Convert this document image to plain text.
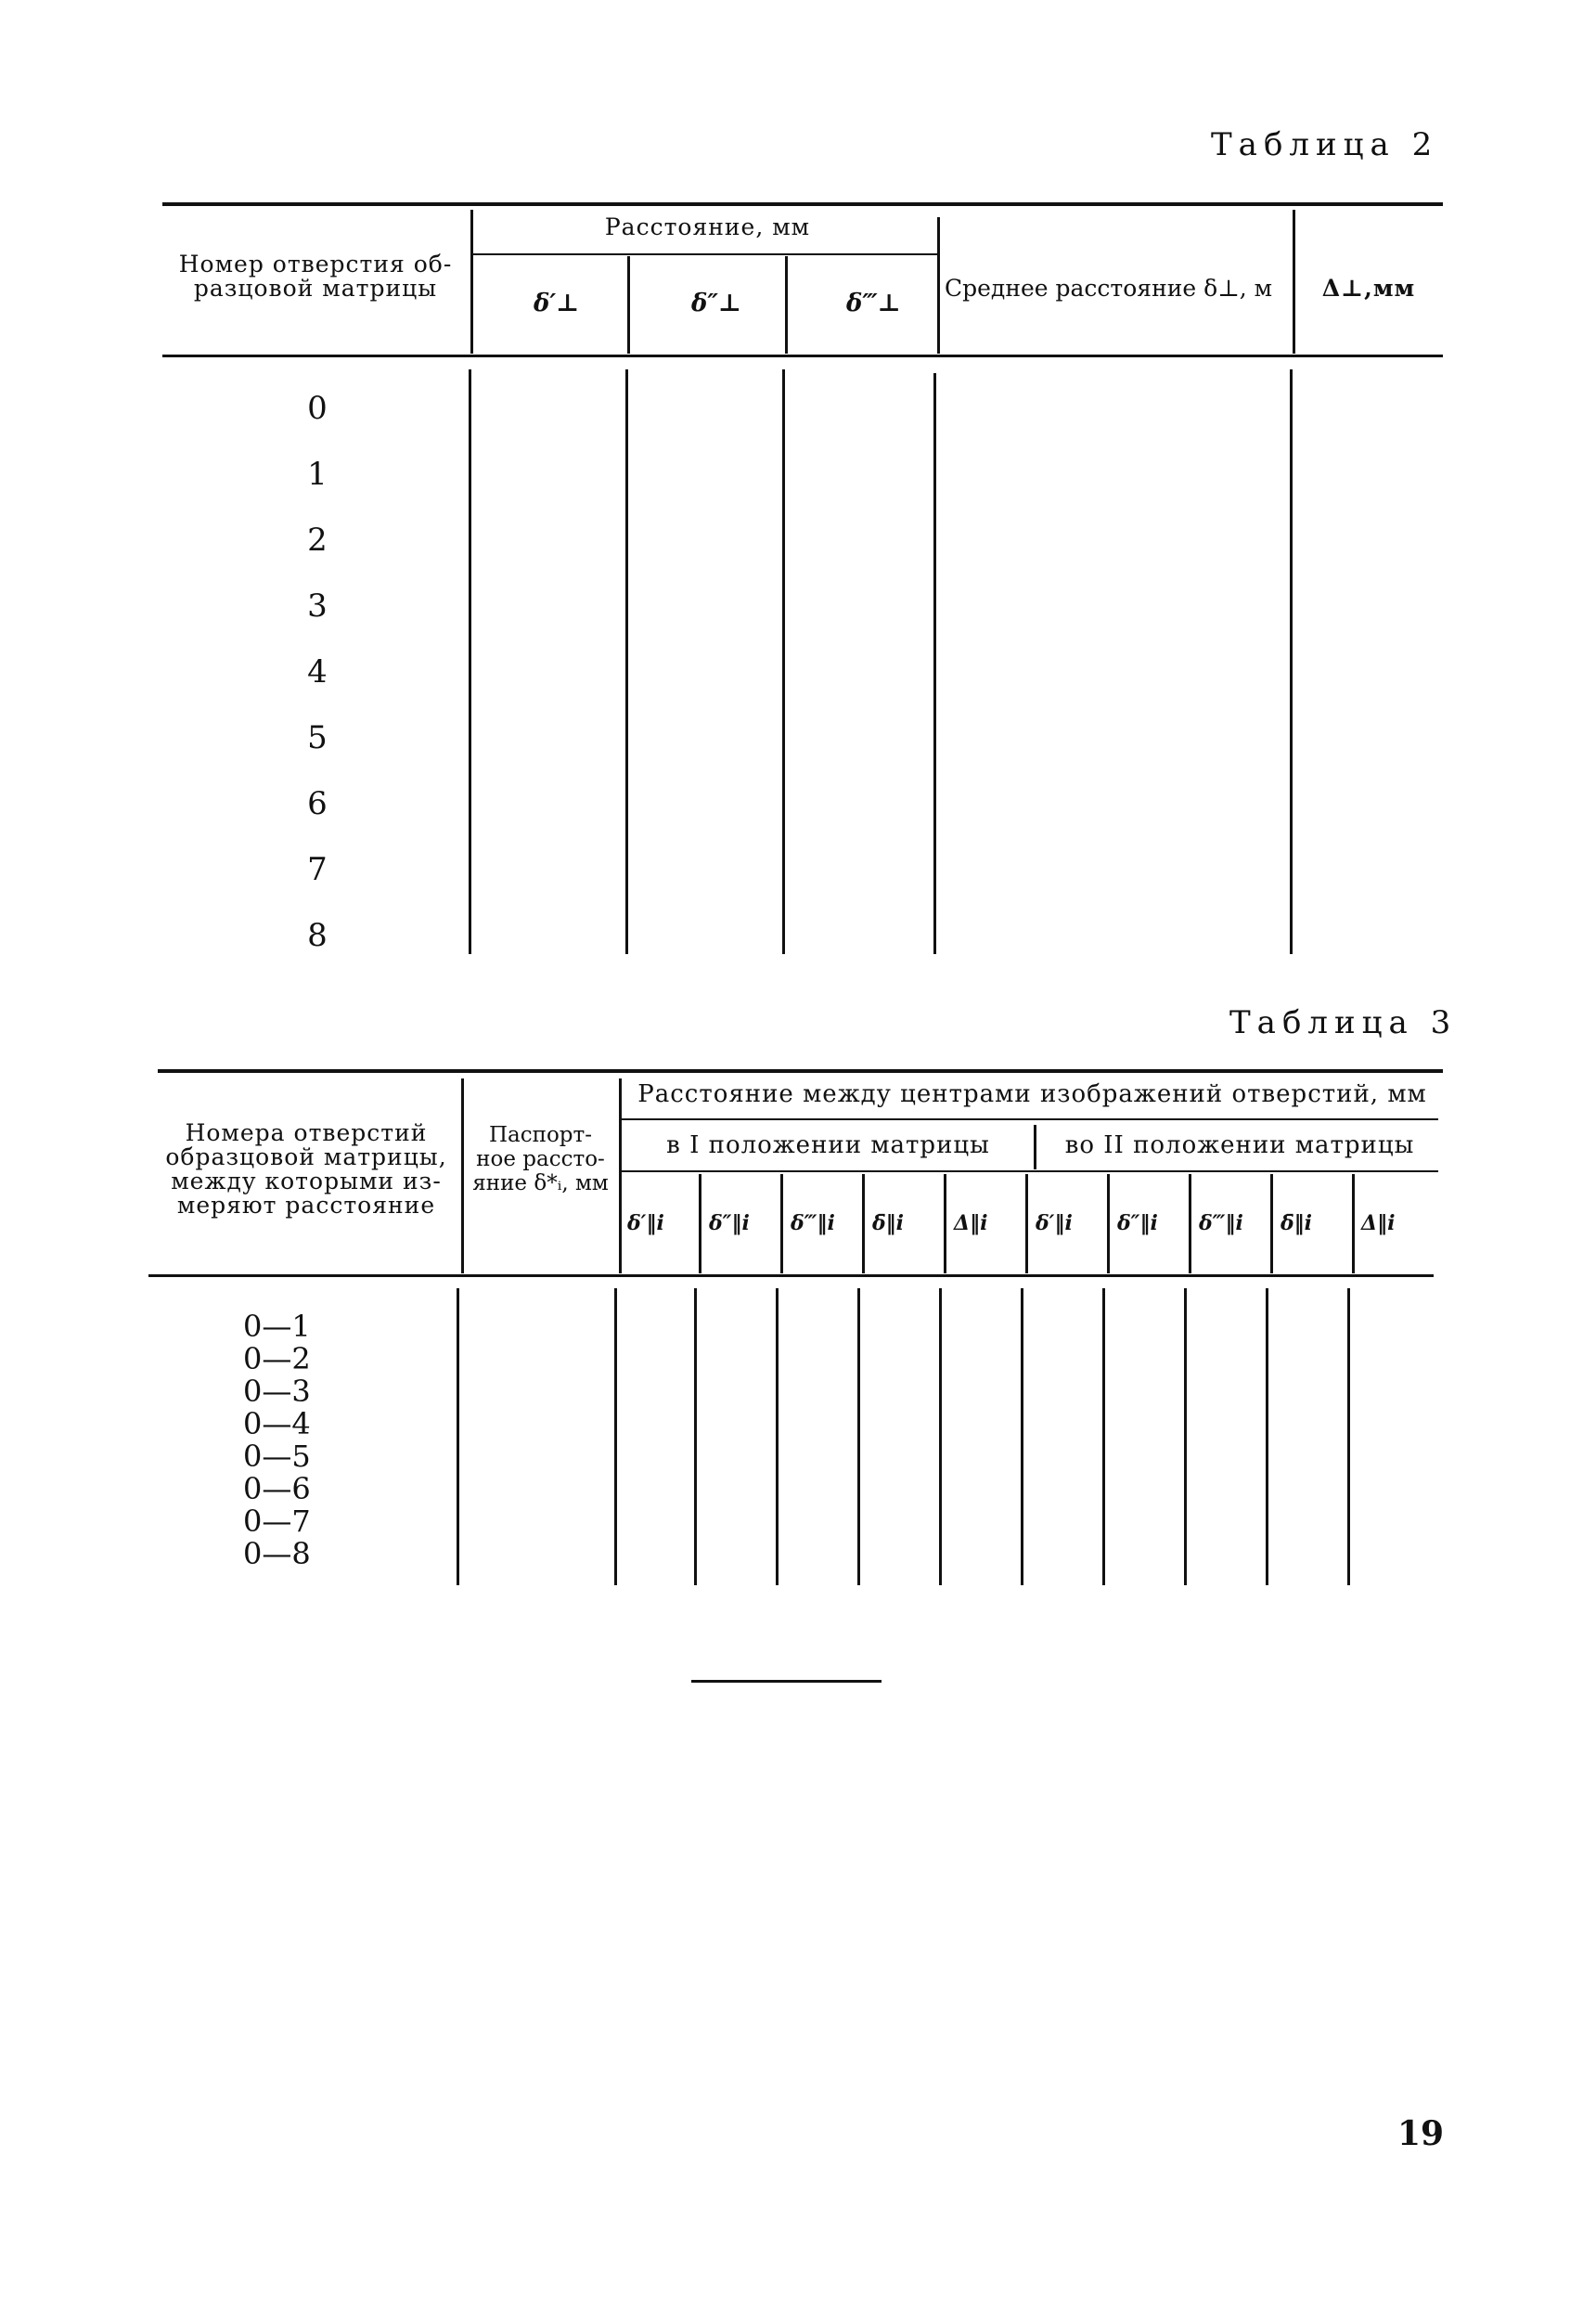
Таблица 2
Номер отверстия об-
разцовой матрицы
Расстояние, мм
δ′⊥	δ″⊥	δ‴⊥
Среднее расстояние δ⊥, м	Δ⊥,мм
0
1
2
3
4
5
6
7
8
Таблица 3
Номера отверстий
образцовой матрицы,
между которыми из-
меряют расстояние
Паспорт-
ное рассто-
яние δ*ᵢ, мм
Расстояние между центрами изображений отверстий, мм
в I положении матрицы	во II положении матрицы
δ′‖i δ″‖i δ‴‖i δ̄‖i Δ‖i δ′‖i δ″‖i δ‴‖i δ̄‖i Δ‖i
0—1
0—2
0—3
0—4
0—5
0—6
0—7
0—8
19
